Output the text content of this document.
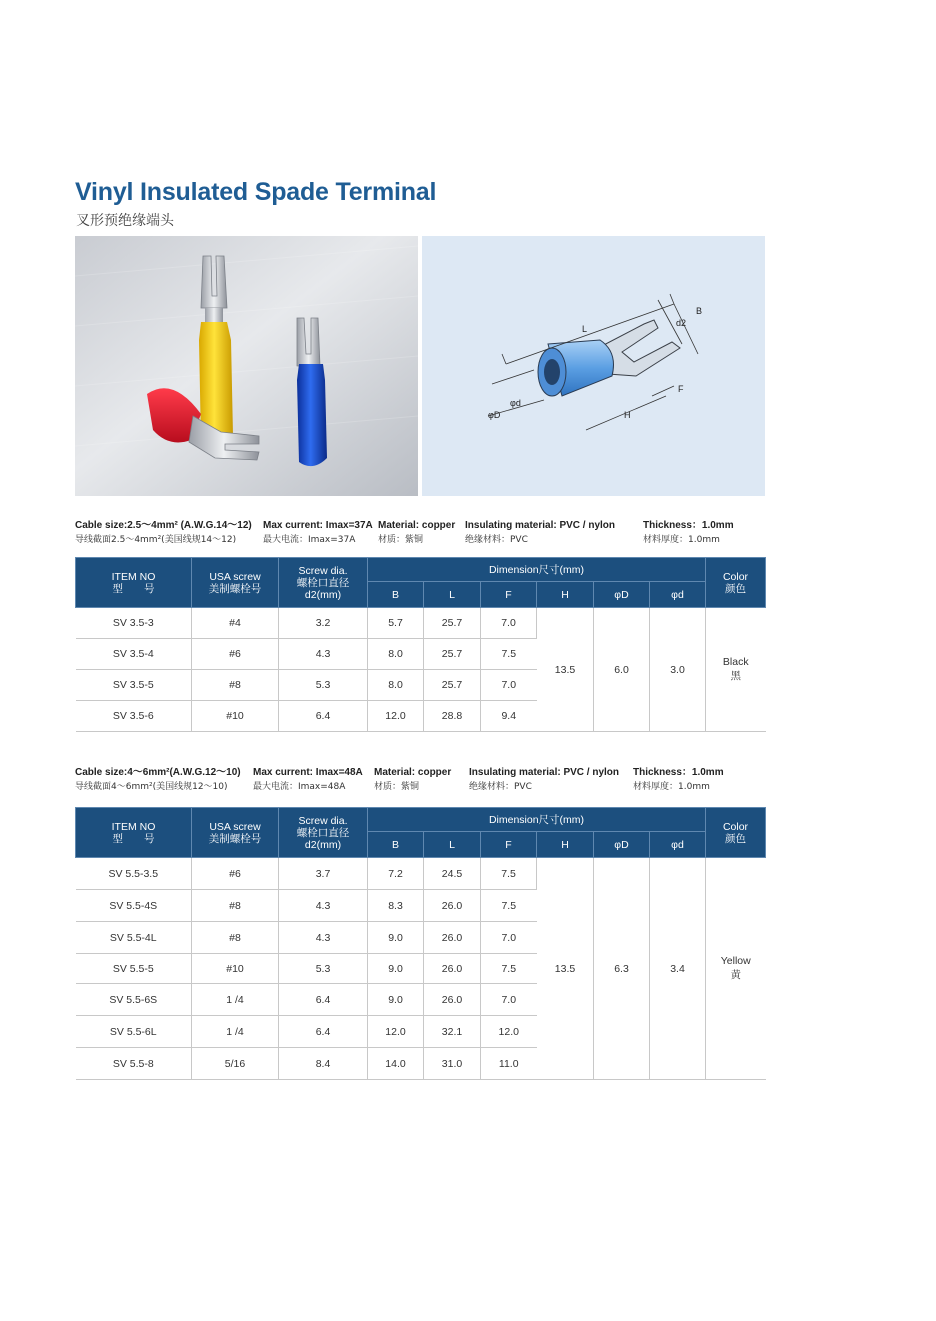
Vinyl Insulated Spade Terminal
叉形预绝缘端头
L
B
d2
F
H
φd
φD
Cable size:2.5～4mm² (A.W.G.14～12)
导线截面2.5～4mm²(美国线规14～12)
Max current: Imax=37A
最大电流：Imax=37A
Material: copper
材质：紫铜
Insulating material: PVC / nylon
绝缘材料：PVC
Thickness：1.0mm
材料厚度：1.0mm
ITEM NO
型　　号	USA screw
美制螺栓号	Screw dia.
螺栓口直径
d2(mm)	Dimension尺寸(mm)						Color
颜色
			B	L	F	H	φD	φd	
SV 3.5-3	#4	3.2	5.7	25.7	7.0	13.5	6.0	3.0	Black
黑
SV 3.5-4	#6	4.3	8.0	25.7	7.5				
SV 3.5-5	#8	5.3	8.0	25.7	7.0				
SV 3.5-6	#10	6.4	12.0	28.8	9.4				
Cable size:4～6mm²(A.W.G.12～10)
导线截面4～6mm²(美国线规12～10)
Max current: Imax=48A
最大电流：Imax=48A
Material: copper
材质：紫铜
Insulating material: PVC / nylon
绝缘材料：PVC
Thickness：1.0mm
材料厚度：1.0mm
ITEM NO
型　　号	USA screw
美制螺栓号	Screw dia.
螺栓口直径
d2(mm)	Dimension尺寸(mm)						Color
颜色
			B	L	F	H	φD	φd	
SV 5.5-3.5	#6	3.7	7.2	24.5	7.5	13.5	6.3	3.4	Yellow
黄
SV 5.5-4S	#8	4.3	8.3	26.0	7.5				
SV 5.5-4L	#8	4.3	9.0	26.0	7.0				
SV 5.5-5	#10	5.3	9.0	26.0	7.5				
SV 5.5-6S	1 /4	6.4	9.0	26.0	7.0				
SV 5.5-6L	1 /4	6.4	12.0	32.1	12.0				
SV 5.5-8	5/16	8.4	14.0	31.0	11.0				
